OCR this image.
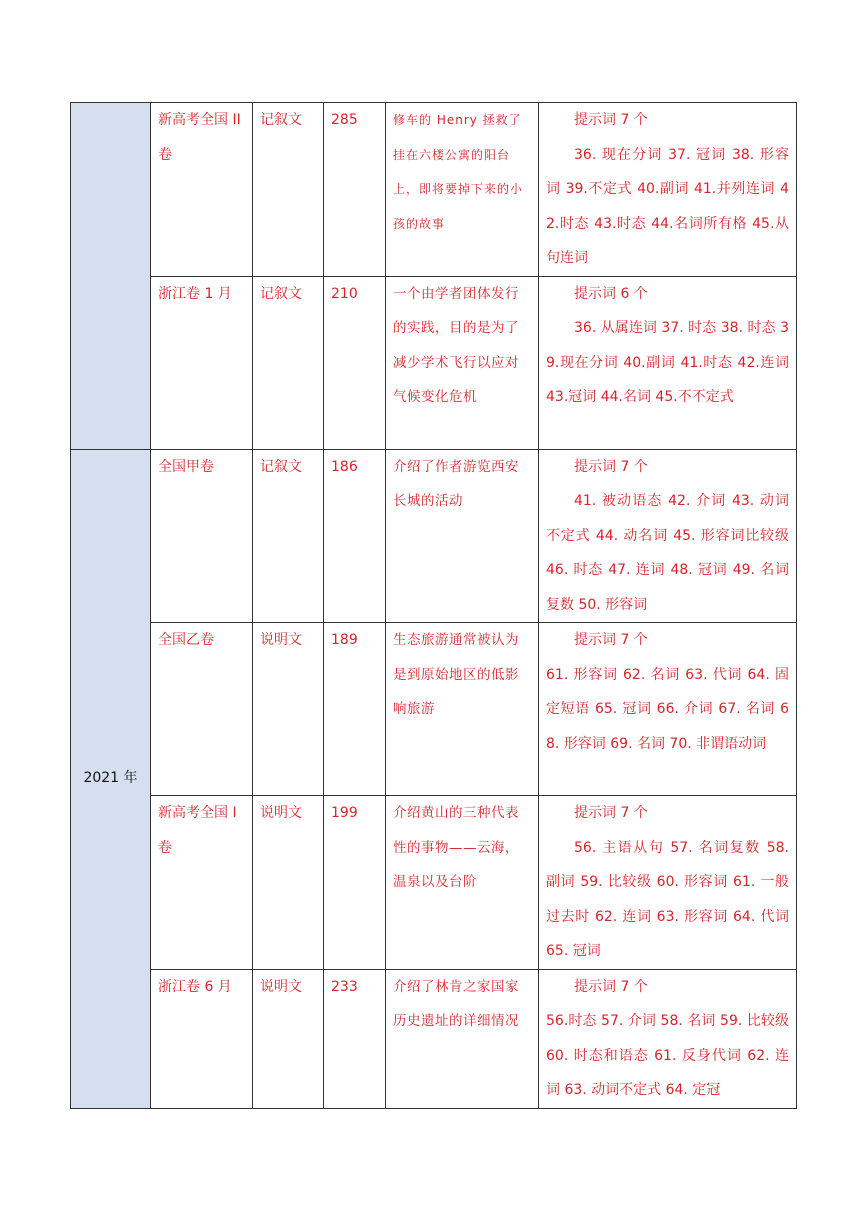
	新高考全国 II 卷	记叙文	285	修车的 Henry 拯救了挂在六楼公寓的阳台上，即将要掉下来的小孩的故事	提示词 7 个
36. 现在分词 37. 冠词 38. 形容词 39.不定式 40.副词 41.并列连词 42.时态 43.时态 44.名词所有格 45.从句连词

	浙江卷 1 月	记叙文	210	一个由学者团体发行的实践，目的是为了减少学术飞行以应对气候变化危机	提示词 6 个
36. 从属连词 37. 时态 38. 时态 39.现在分词 40.副词 41.时态 42.连词 43.冠词 44.名词 45.不不定式

2021 年	全国甲卷	记叙文	186	介绍了作者游览西安长城的活动	提示词 7 个
41. 被动语态 42. 介词 43. 动词不定式 44. 动名词 45. 形容词比较级 46. 时态 47. 连词 48. 冠词 49. 名词复数 50. 形容词

	全国乙卷	说明文	189	生态旅游通常被认为是到原始地区的低影响旅游	提示词 7 个
61. 形容词 62. 名词 63. 代词 64. 固定短语 65. 冠词 66. 介词 67. 名词 68. 形容词 69. 名词 70. 非谓语动词

	新高考全国 I 卷	说明文	199	介绍黄山的三种代表性的事物——云海，温泉以及台阶	提示词 7 个
56. 主语从句 57. 名词复数 58. 副词 59. 比较级 60. 形容词 61. 一般过去时 62. 连词 63. 形容词 64. 代词 65. 冠词

	浙江卷 6 月	说明文	233	介绍了林肯之家国家历史遗址的详细情况	提示词 7 个
56.时态 57. 介词 58. 名词 59. 比较级 60. 时态和语态 61. 反身代词 62. 连词 63. 动词不定式 64. 定冠
